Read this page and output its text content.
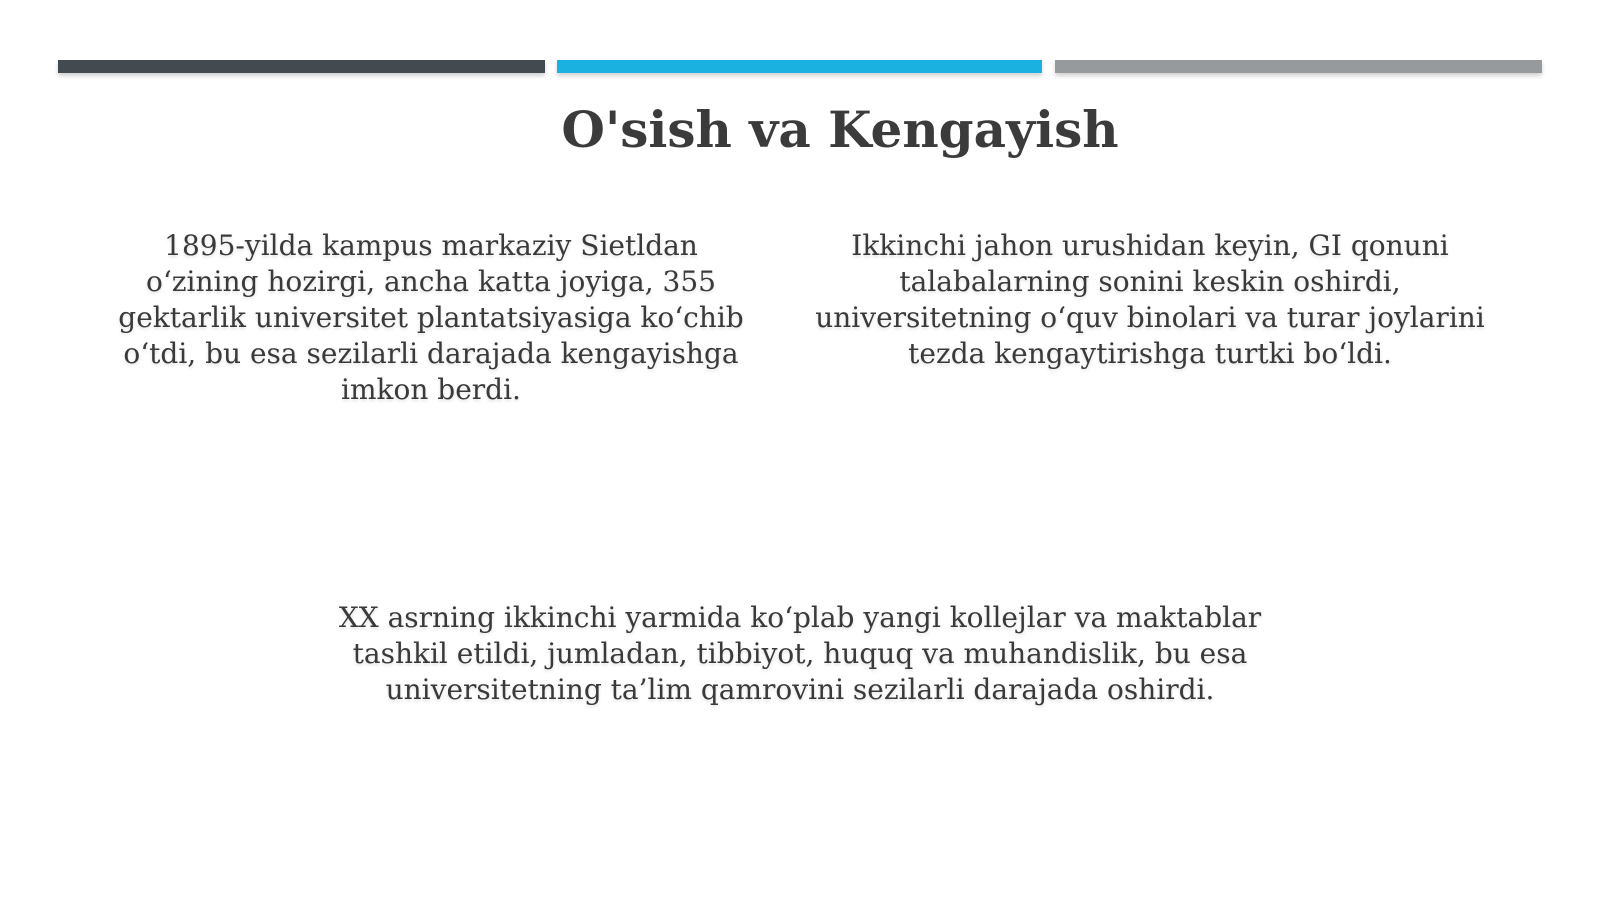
O'sish va Kengayish

1895-yilda kampus markaziy Sietldan o‘zining hozirgi, ancha katta joyiga, 355 gektarlik universitet plantatsiyasiga ko‘chib o‘tdi, bu esa sezilarli darajada kengayishga imkon berdi.

Ikkinchi jahon urushidan keyin, GI qonuni talabalarning sonini keskin oshirdi, universitetning o‘quv binolari va turar joylarini tezda kengaytirishga turtki bo‘ldi.

XX asrning ikkinchi yarmida ko‘plab yangi kollejlar va maktablar tashkil etildi, jumladan, tibbiyot, huquq va muhandislik, bu esa universitetning ta’lim qamrovini sezilarli darajada oshirdi.
